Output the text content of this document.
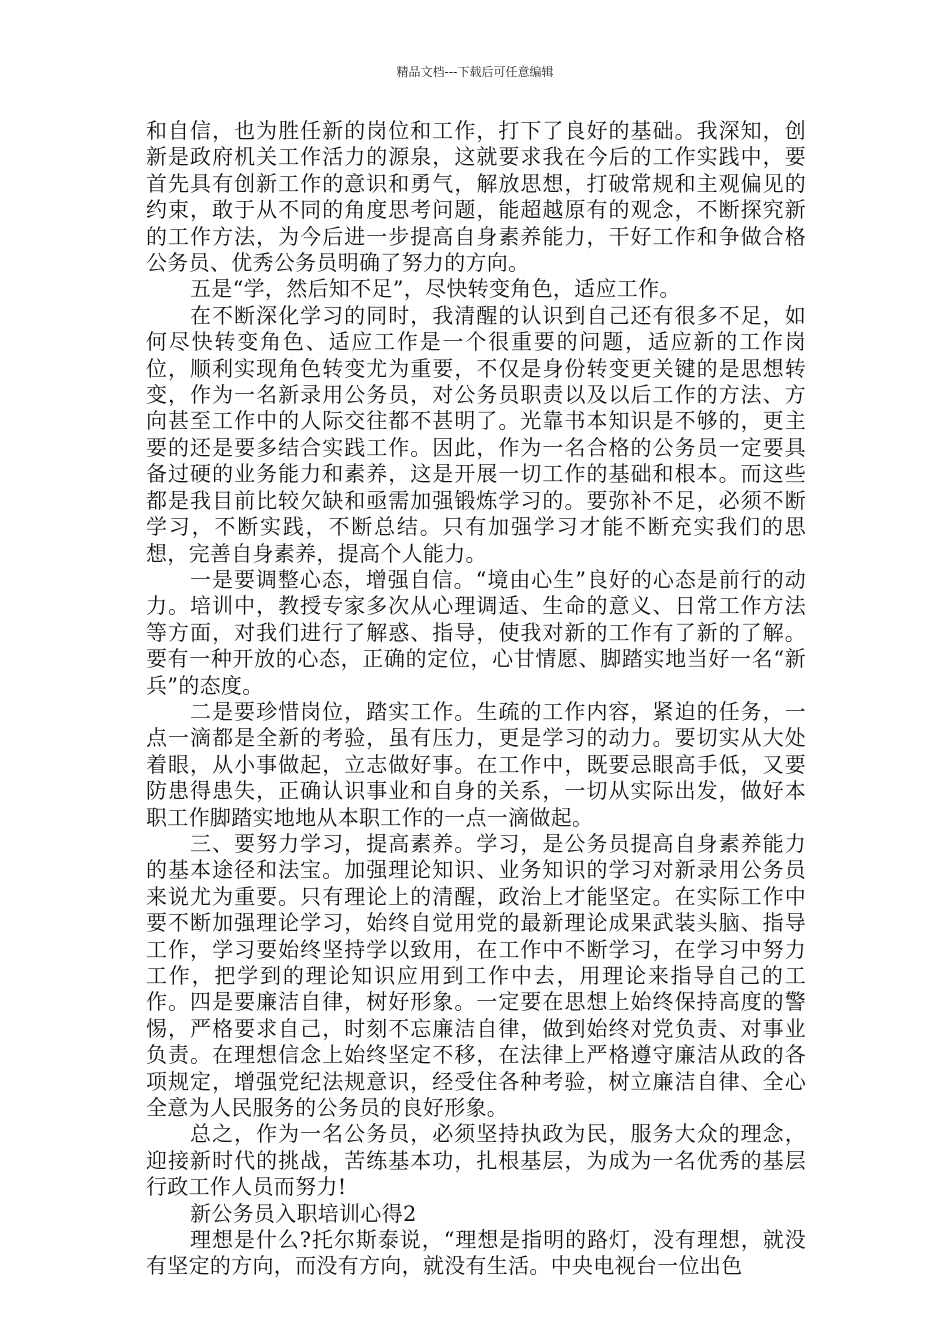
精品文档---下载后可任意编辑

和自信，也为胜任新的岗位和工作，打下了良好的基础。我深知，创新是政府机关工作活力的源泉，这就要求我在今后的工作实践中，要首先具有创新工作的意识和勇气，解放思想，打破常规和主观偏见的约束，敢于从不同的角度思考问题，能超越原有的观念，不断探究新的工作方法，为今后进一步提高自身素养能力，干好工作和争做合格公务员、优秀公务员明确了努力的方向。

五是“学，然后知不足”，尽快转变角色，适应工作。

在不断深化学习的同时，我清醒的认识到自己还有很多不足，如何尽快转变角色、适应工作是一个很重要的问题，适应新的工作岗位，顺利实现角色转变尤为重要，不仅是身份转变更关键的是思想转变，作为一名新录用公务员，对公务员职责以及以后工作的方法、方向甚至工作中的人际交往都不甚明了。光靠书本知识是不够的，更主要的还是要多结合实践工作。因此，作为一名合格的公务员一定要具备过硬的业务能力和素养，这是开展一切工作的基础和根本。而这些都是我目前比较欠缺和亟需加强锻炼学习的。要弥补不足，必须不断学习，不断实践，不断总结。只有加强学习才能不断充实我们的思想，完善自身素养，提高个人能力。

一是要调整心态，增强自信。“境由心生”良好的心态是前行的动力。培训中，教授专家多次从心理调适、生命的意义、日常工作方法等方面，对我们进行了解惑、指导，使我对新的工作有了新的了解。要有一种开放的心态，正确的定位，心甘情愿、脚踏实地当好一名“新兵”的态度。

二是要珍惜岗位，踏实工作。生疏的工作内容，紧迫的任务，一点一滴都是全新的考验，虽有压力，更是学习的动力。要切实从大处着眼，从小事做起，立志做好事。在工作中，既要忌眼高手低，又要防患得患失，正确认识事业和自身的关系，一切从实际出发，做好本职工作脚踏实地地从本职工作的一点一滴做起。

三、要努力学习，提高素养。学习，是公务员提高自身素养能力的基本途径和法宝。加强理论知识、业务知识的学习对新录用公务员来说尤为重要。只有理论上的清醒，政治上才能坚定。在实际工作中要不断加强理论学习，始终自觉用党的最新理论成果武装头脑、指导工作，学习要始终坚持学以致用，在工作中不断学习，在学习中努力工作，把学到的理论知识应用到工作中去，用理论来指导自己的工作。四是要廉洁自律，树好形象。一定要在思想上始终保持高度的警惕，严格要求自己，时刻不忘廉洁自律，做到始终对党负责、对事业负责。在理想信念上始终坚定不移，在法律上严格遵守廉洁从政的各项规定，增强党纪法规意识，经受住各种考验，树立廉洁自律、全心全意为人民服务的公务员的良好形象。

总之，作为一名公务员，必须坚持执政为民，服务大众的理念，迎接新时代的挑战，苦练基本功，扎根基层，为成为一名优秀的基层行政工作人员而努力!

新公务员入职培训心得2

理想是什么?托尔斯泰说，“理想是指明的路灯，没有理想，就没有坚定的方向，而没有方向，就没有生活。中央电视台一位出色
